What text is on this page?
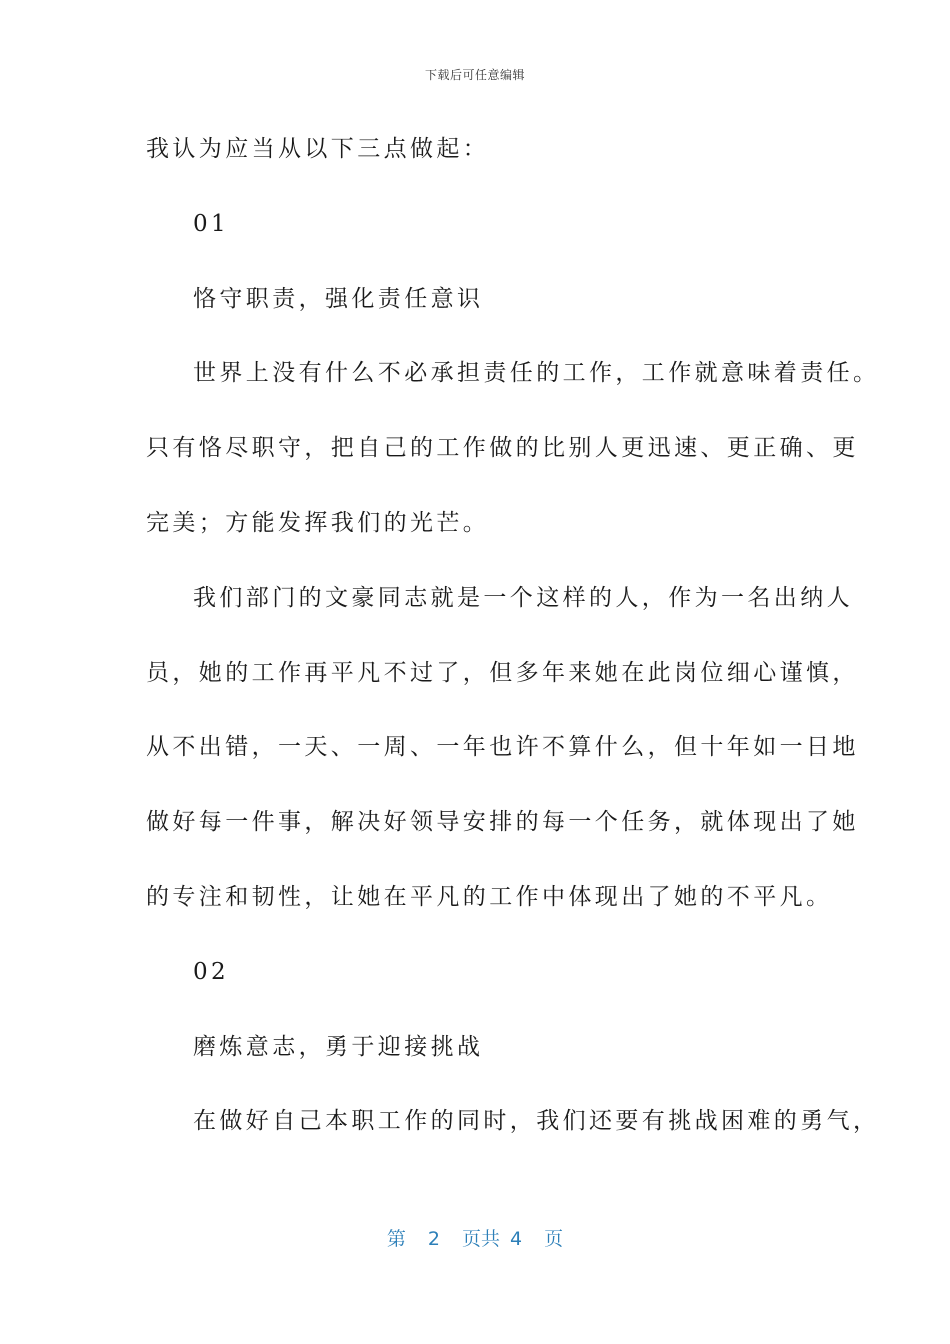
下载后可任意编辑
我认为应当从以下三点做起：
01
恪守职责，强化责任意识
世界上没有什么不必承担责任的工作，工作就意味着责任。
只有恪尽职守，把自己的工作做的比别人更迅速、更正确、更
完美；方能发挥我们的光芒。
我们部门的文豪同志就是一个这样的人，作为一名出纳人
员，她的工作再平凡不过了，但多年来她在此岗位细心谨慎，
从不出错，一天、一周、一年也许不算什么，但十年如一日地
做好每一件事，解决好领导安排的每一个任务，就体现出了她
的专注和韧性，让她在平凡的工作中体现出了她的不平凡。
02
磨炼意志，勇于迎接挑战
在做好自己本职工作的同时，我们还要有挑战困难的勇气，
第 2 页共 4 页
